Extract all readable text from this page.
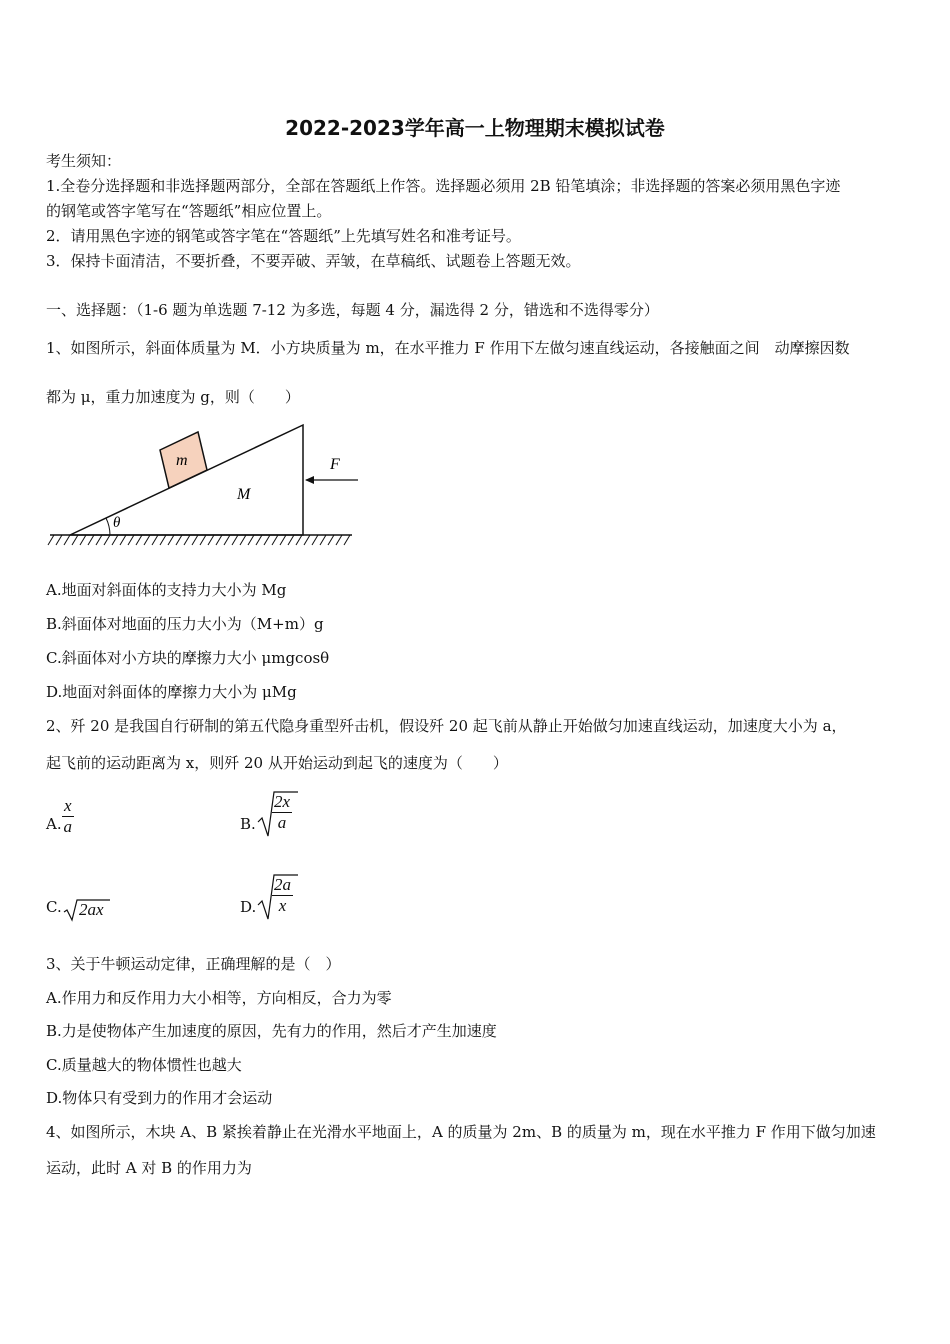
2022-2023学年高一上物理期末模拟试卷
考生须知：
1.全卷分选择题和非选择题两部分，全部在答题纸上作答。选择题必须用 2B 铅笔填涂；非选择题的答案必须用黑色字迹
的钢笔或答字笔写在“答题纸”相应位置上。
2．请用黑色字迹的钢笔或答字笔在“答题纸”上先填写姓名和准考证号。
3．保持卡面清洁，不要折叠，不要弄破、弄皱，在草稿纸、试题卷上答题无效。
一、选择题：（1-6 题为单选题 7-12 为多选，每题 4 分，漏选得 2 分，错选和不选得零分）
1、如图所示，斜面体质量为 M．小方块质量为 m，在水平推力 F 作用下左做匀速直线运动，各接触面之间　动摩擦因数
都为 μ，重力加速度为 g，则（　　）
m
M
F
θ
A.地面对斜面体的支持力大小为 Mg
B.斜面体对地面的压力大小为（M+m）g
C.斜面体对小方块的摩擦力大小 μmgcosθ
D.地面对斜面体的摩擦力大小为 μMg
2、歼 20 是我国自行研制的第五代隐身重型歼击机，假设歼 20 起飞前从静止开始做匀加速直线运动，加速度大小为 a，
起飞前的运动距离为 x，则歼 20 从开始运动到起飞的速度为（　　）
A. $\frac{x}{a}$	B. $\frac{2x}{a}$
C. 2ax	D. $\frac{2a}{x}$
3、关于牛顿运动定律，正确理解的是（　）
A.作用力和反作用力大小相等，方向相反，合力为零
B.力是使物体产生加速度的原因，先有力的作用，然后才产生加速度
C.质量越大的物体惯性也越大
D.物体只有受到力的作用才会运动
4、如图所示，木块 A、B 紧挨着静止在光滑水平地面上，A 的质量为 2m、B 的质量为 m，现在水平推力 F 作用下做匀加速
运动，此时 A 对 B 的作用力为
